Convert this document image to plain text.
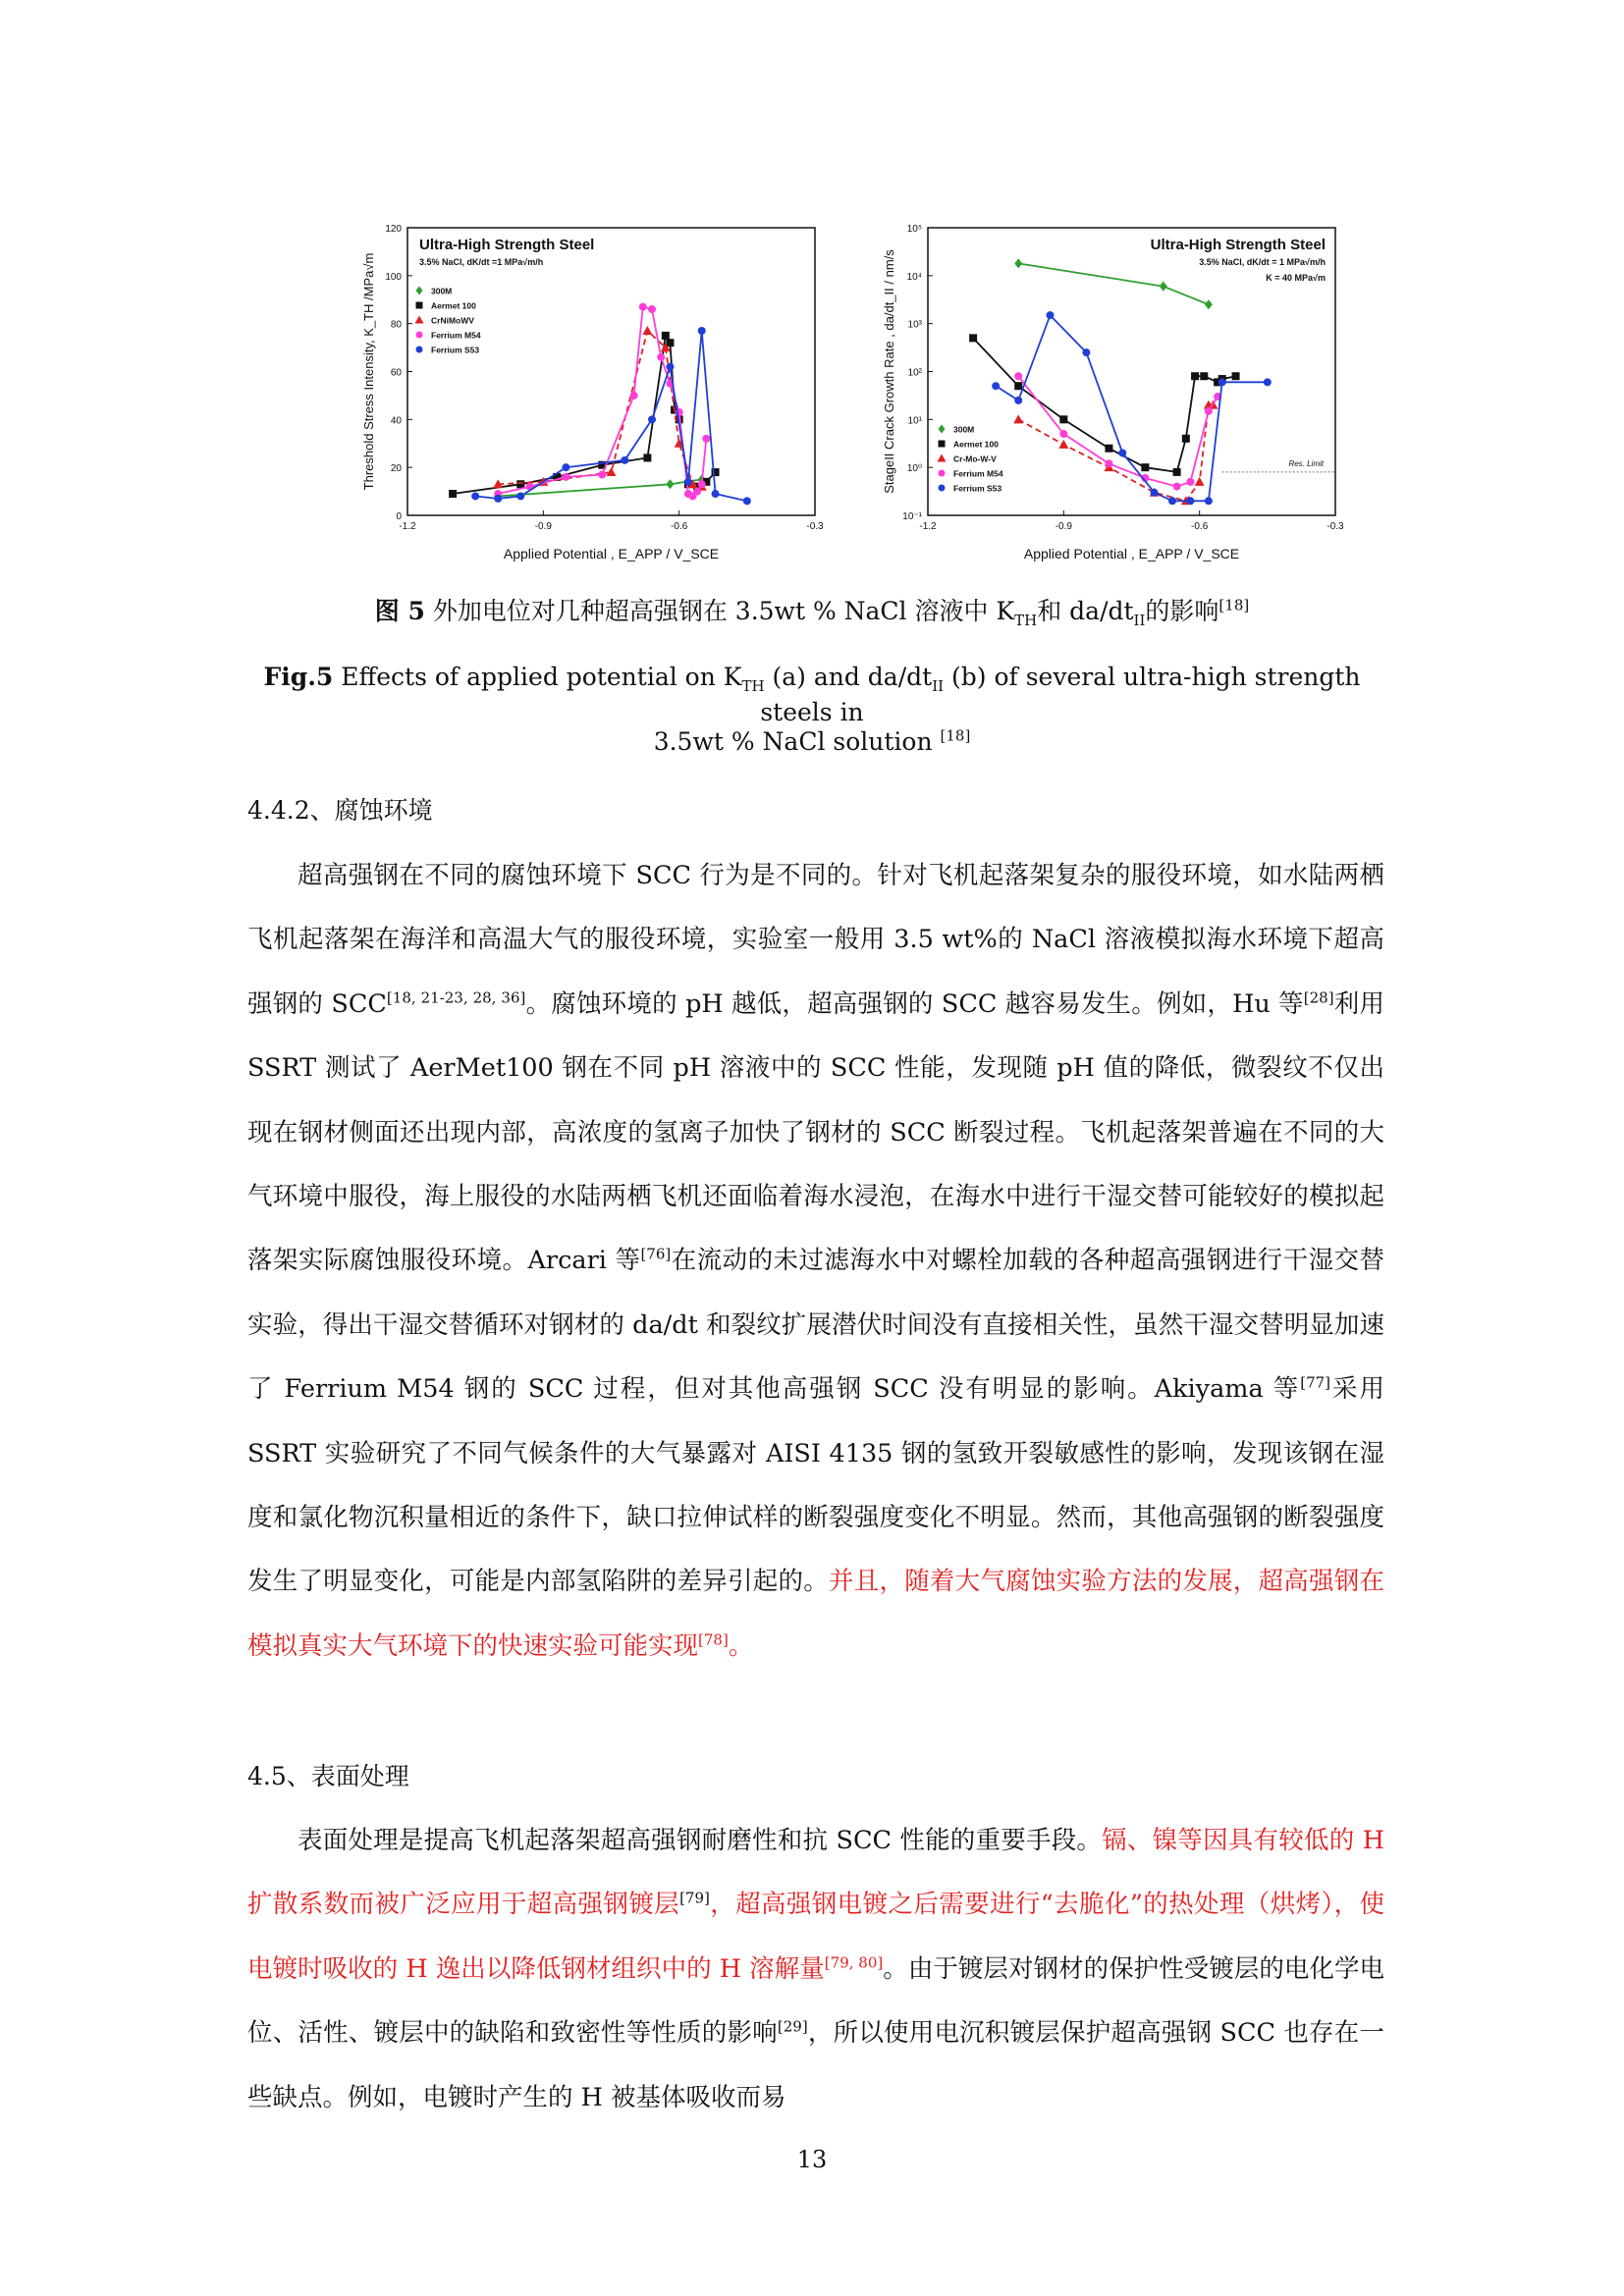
0
20
40
60
80
100
120
-1.2	-0.9	-0.6	-0.3
Applied Potential , E_APP / V_SCE
Threshold Stress Intensity, K_TH /MPa√m
Ultra-High Strength Steel
3.5% NaCl, dK/dt =1 MPa√m/h
300M
Aermet 100
CrNiMoWV
Ferrium M54
Ferrium S53
10⁻¹
10⁰
10¹
10²
10³
10⁴
10⁵
-1.2	-0.9	-0.6	-0.3
Applied Potential , E_APP / V_SCE
StageII Crack Growth Rate , da/dt_II / nm/s
Ultra-High Strength Steel
3.5% NaCl, dK/dt = 1 MPa√m/h
K = 40 MPa√m
Res. Limit
300M
Aermet 100
Cr-Mo-W-V
Ferrium M54
Ferrium S53
图 5 外加电位对几种超高强钢在 3.5wt % NaCl 溶液中 $K_{TH}$和 $da/dt_{II}$的影响[18]
Fig.5 Effects of applied potential on $K_{TH}$ (a) and $da/dt_{II}$ (b) of several ultra-high strength steels in
3.5wt % NaCl solution [18]
4.4.2、腐蚀环境

超高强钢在不同的腐蚀环境下 SCC 行为是不同的。针对飞机起落架复杂的服役环境，如水陆两栖飞机起落架在海洋和高温大气的服役环境，实验室一般用 3.5 wt%的 NaCl 溶液模拟海水环境下超高强钢的 SCC[18, 21-23, 28, 36]。腐蚀环境的 pH 越低，超高强钢的 SCC 越容易发生。例如，Hu 等[28]利用 SSRT 测试了 AerMet100 钢在不同 pH 溶液中的 SCC 性能，发现随 pH 值的降低，微裂纹不仅出现在钢材侧面还出现内部，高浓度的氢离子加快了钢材的 SCC 断裂过程。飞机起落架普遍在不同的大气环境中服役，海上服役的水陆两栖飞机还面临着海水浸泡，在海水中进行干湿交替可能较好的模拟起落架实际腐蚀服役环境。Arcari 等[76]在流动的未过滤海水中对螺栓加载的各种超高强钢进行干湿交替实验，得出干湿交替循环对钢材的 da/dt 和裂纹扩展潜伏时间没有直接相关性，虽然干湿交替明显加速了 Ferrium M54 钢的 SCC 过程，但对其他高强钢 SCC 没有明显的影响。Akiyama 等[77]采用 SSRT 实验研究了不同气候条件的大气暴露对 AISI 4135 钢的氢致开裂敏感性的影响，发现该钢在湿度和氯化物沉积量相近的条件下，缺口拉伸试样的断裂强度变化不明显。然而，其他高强钢的断裂强度发生了明显变化，可能是内部氢陷阱的差异引起的。并且，随着大气腐蚀实验方法的发展，超高强钢在模拟真实大气环境下的快速实验可能实现[78]。

4.5、表面处理

表面处理是提高飞机起落架超高强钢耐磨性和抗 SCC 性能的重要手段。镉、镍等因具有较低的 H 扩散系数而被广泛应用于超高强钢镀层[79]，超高强钢电镀之后需要进行“去脆化”的热处理（烘烤），使电镀时吸收的 H 逸出以降低钢材组织中的 H 溶解量[79, 80]。由于镀层对钢材的保护性受镀层的电化学电位、活性、镀层中的缺陷和致密性等性质的影响[29]，所以使用电沉积镀层保护超高强钢 SCC 也存在一些缺点。例如，电镀时产生的 H 被基体吸收而易

13
